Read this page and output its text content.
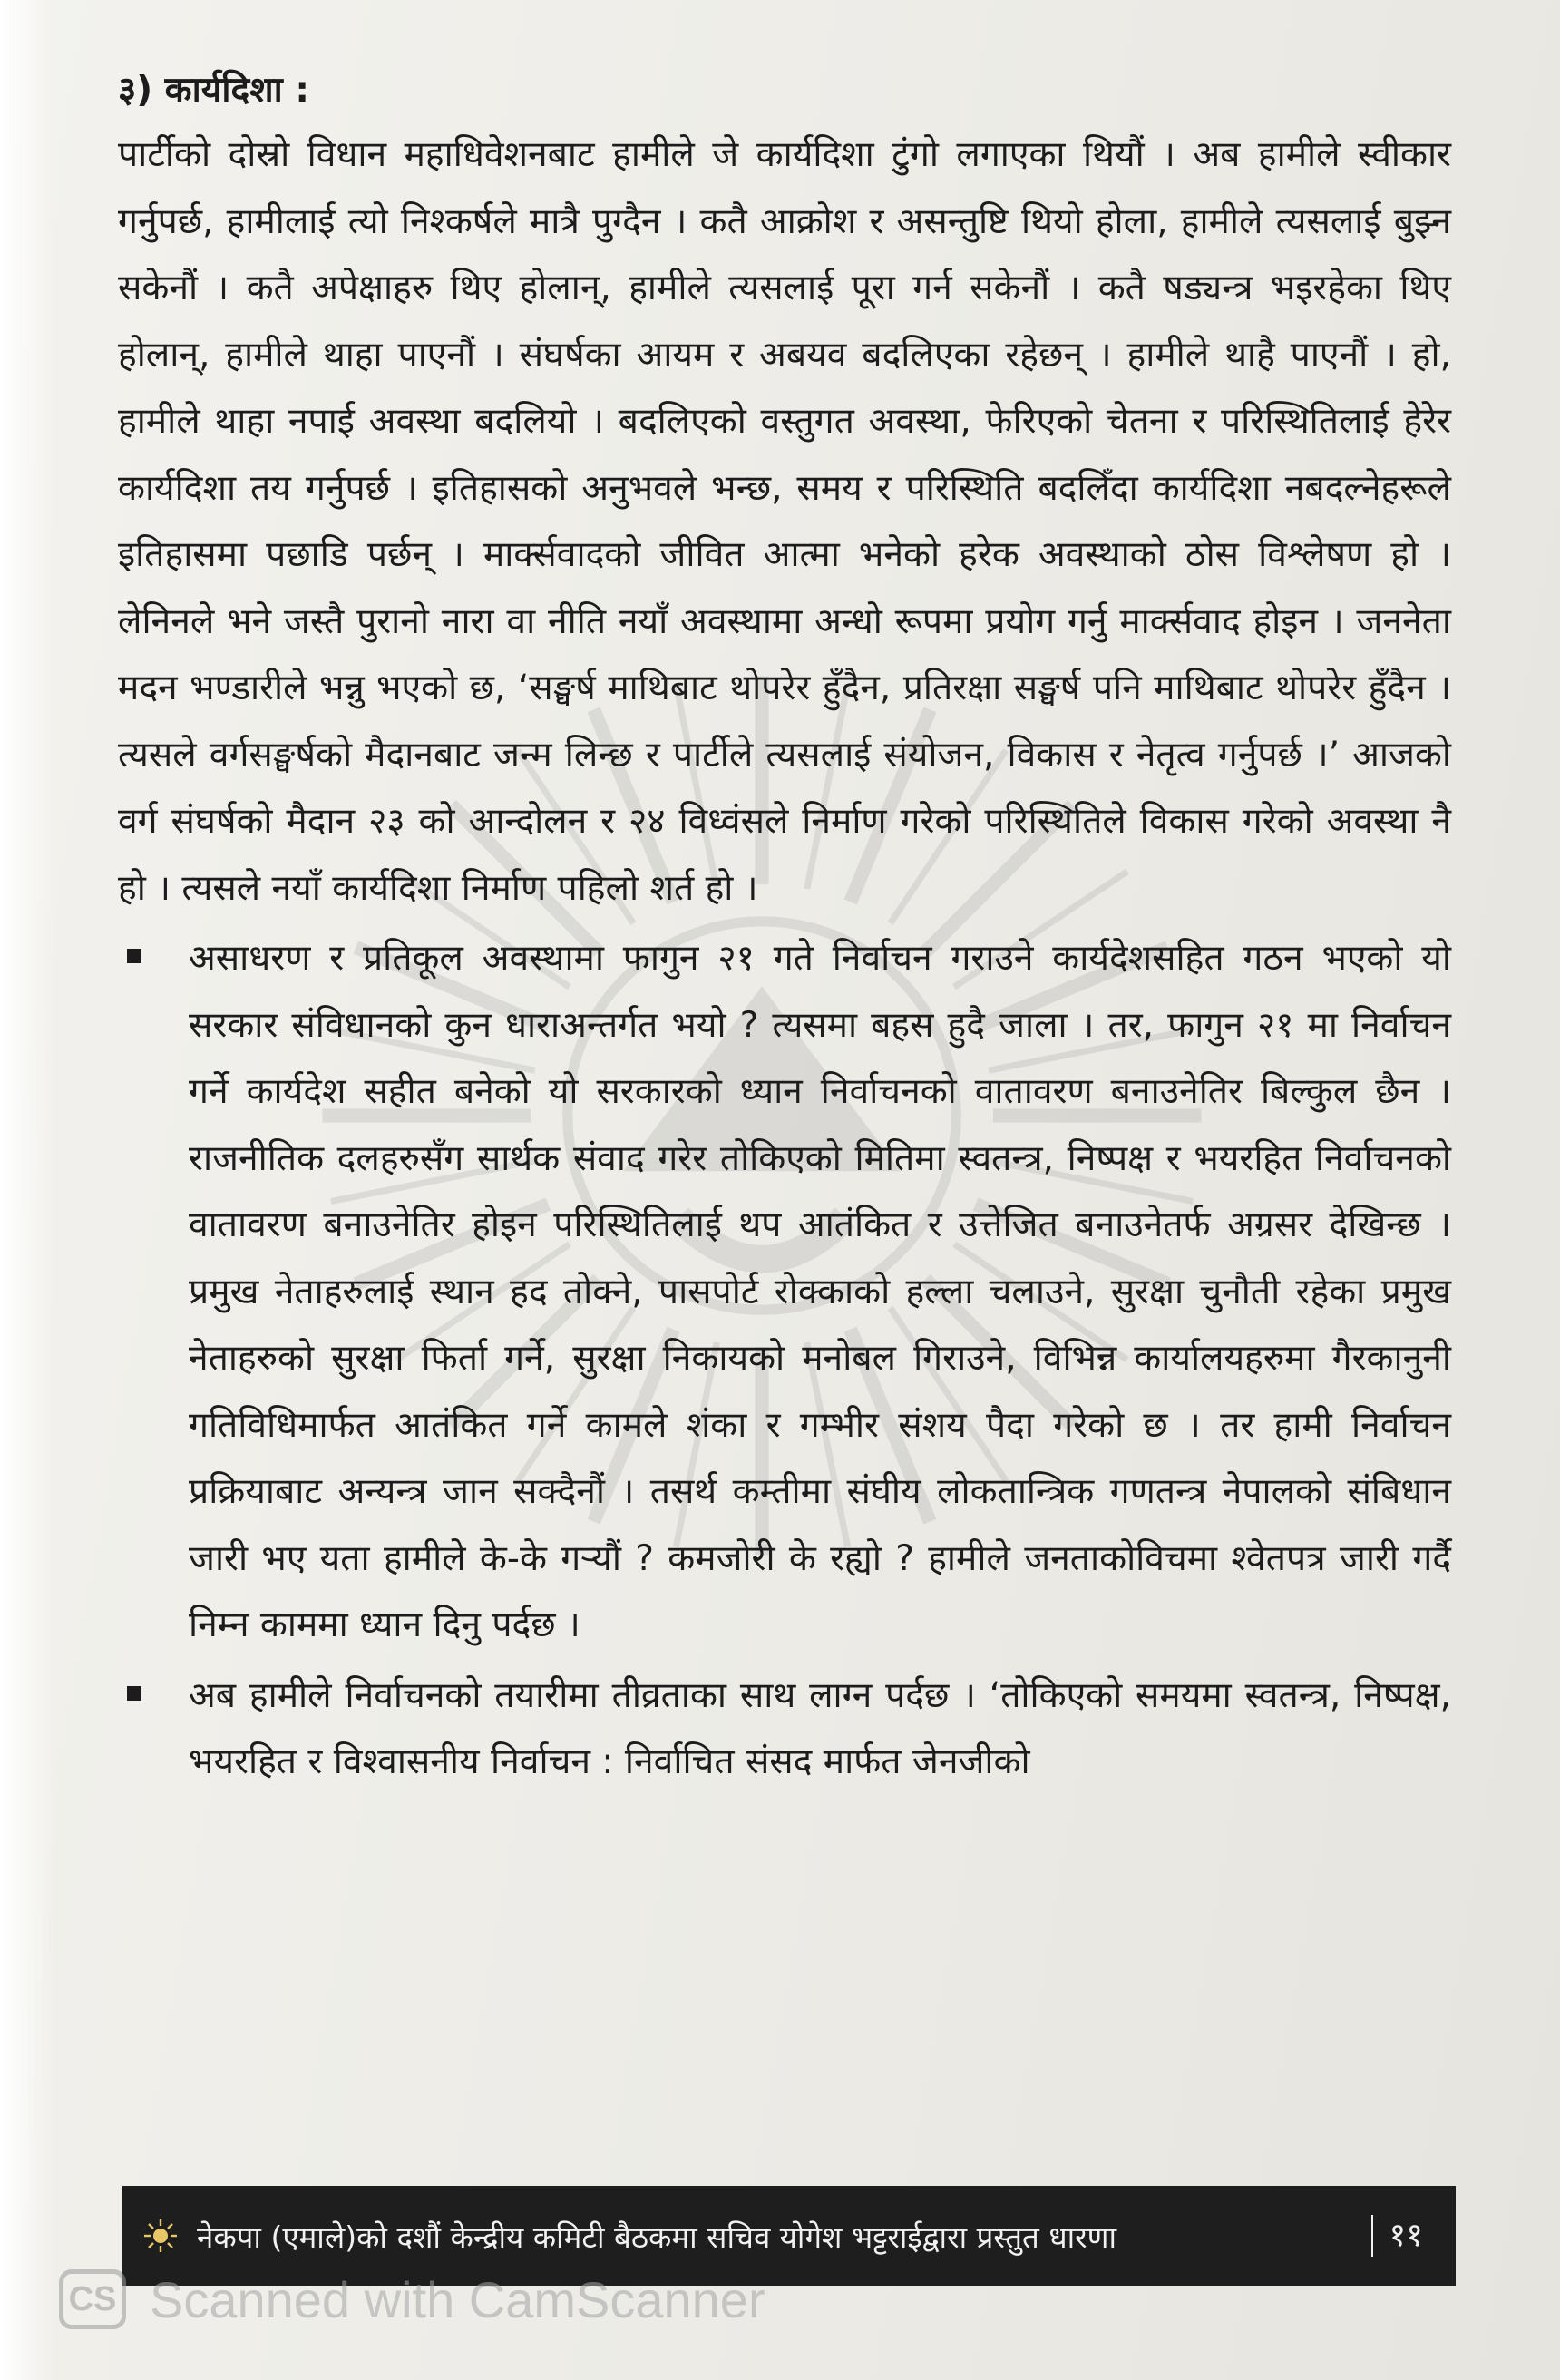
३) कार्यदिशा :

पार्टीको दोस्रो विधान महाधिवेशनबाट हामीले जे कार्यदिशा टुंगो लगाएका थियौं । अब हामीले स्वीकार गर्नुपर्छ, हामीलाई त्यो निश्कर्षले मात्रै पुग्दैन । कतै आक्रोश र असन्तुष्टि थियो होला, हामीले त्यसलाई बुझ्न सकेनौं । कतै अपेक्षाहरु थिए होलान्, हामीले त्यसलाई पूरा गर्न सकेनौं । कतै षड्यन्त्र भइरहेका थिए होलान्, हामीले थाहा पाएनौं । संघर्षका आयम र अबयव बदलिएका रहेछन् । हामीले थाहै पाएनौं । हो, हामीले थाहा नपाई अवस्था बदलियो । बदलिएको वस्तुगत अवस्था, फेरिएको चेतना र परिस्थितिलाई हेरेर कार्यदिशा तय गर्नुपर्छ । इतिहासको अनुभवले भन्छ, समय र परिस्थिति बदलिँदा कार्यदिशा नबदल्नेहरूले इतिहासमा पछाडि पर्छन् । मार्क्सवादको जीवित आत्मा भनेको हरेक अवस्थाको ठोस विश्लेषण हो । लेनिनले भने जस्तै पुरानो नारा वा नीति नयाँ अवस्थामा अन्धो रूपमा प्रयोग गर्नु मार्क्सवाद होइन । जननेता मदन भण्डारीले भन्नु भएको छ, ‘सङ्घर्ष माथिबाट थोपरेर हुँदैन, प्रतिरक्षा सङ्घर्ष पनि माथिबाट थोपरेर हुँदैन । त्यसले वर्गसङ्घर्षको मैदानबाट जन्म लिन्छ र पार्टीले त्यसलाई संयोजन, विकास र नेतृत्व गर्नुपर्छ ।’ आजको वर्ग संघर्षको मैदान २३ को आन्दोलन र २४ विध्वंसले निर्माण गरेको परिस्थितिले विकास गरेको अवस्था नै हो । त्यसले नयाँ कार्यदिशा निर्माण पहिलो शर्त हो ।

असाधरण र प्रतिकूल अवस्थामा फागुन २१ गते निर्वाचन गराउने कार्यदेशसहित गठन भएको यो सरकार संविधानको कुन धाराअन्तर्गत भयो ? त्यसमा बहस हुदै जाला । तर, फागुन २१ मा निर्वाचन गर्ने कार्यदेश सहीत बनेको यो सरकारको ध्यान निर्वाचनको वातावरण बनाउनेतिर बिल्कुल छैन । राजनीतिक दलहरुसँग सार्थक संवाद गरेर तोकिएको मितिमा स्वतन्त्र, निष्पक्ष र भयरहित निर्वाचनको वातावरण बनाउनेतिर होइन परिस्थितिलाई थप आतंकित र उत्तेजित बनाउनेतर्फ अग्रसर देखिन्छ । प्रमुख नेताहरुलाई स्थान हद तोक्ने, पासपोर्ट रोक्काको हल्ला चलाउने, सुरक्षा चुनौती रहेका प्रमुख नेताहरुको सुरक्षा फिर्ता गर्ने, सुरक्षा निकायको मनोबल गिराउने, विभिन्न कार्यालयहरुमा गैरकानुनी गतिविधिमार्फत आतंकित गर्ने कामले शंका र गम्भीर संशय पैदा गरेको छ । तर हामी निर्वाचन प्रक्रियाबाट अन्यन्त्र जान सक्दैनौं । तसर्थ कम्तीमा संघीय लोकतान्त्रिक गणतन्त्र नेपालको संबिधान जारी भए यता हामीले के-के गऱ्यौं ? कमजोरी के रह्यो ? हामीले जनताकोविचमा श्वेतपत्र जारी गर्दै निम्न काममा ध्यान दिनु पर्दछ ।

अब हामीले निर्वाचनको तयारीमा तीव्रताका साथ लाग्न पर्दछ । ‘तोकिएको समयमा स्वतन्त्र, निष्पक्ष, भयरहित र विश्वासनीय निर्वाचन : निर्वाचित संसद मार्फत जेनजीको

नेकपा (एमाले)को दशौं केन्द्रीय कमिटी बैठकमा सचिव योगेश भट्टराईद्वारा प्रस्तुत धारणा	११
CS Scanned with CamScanner
